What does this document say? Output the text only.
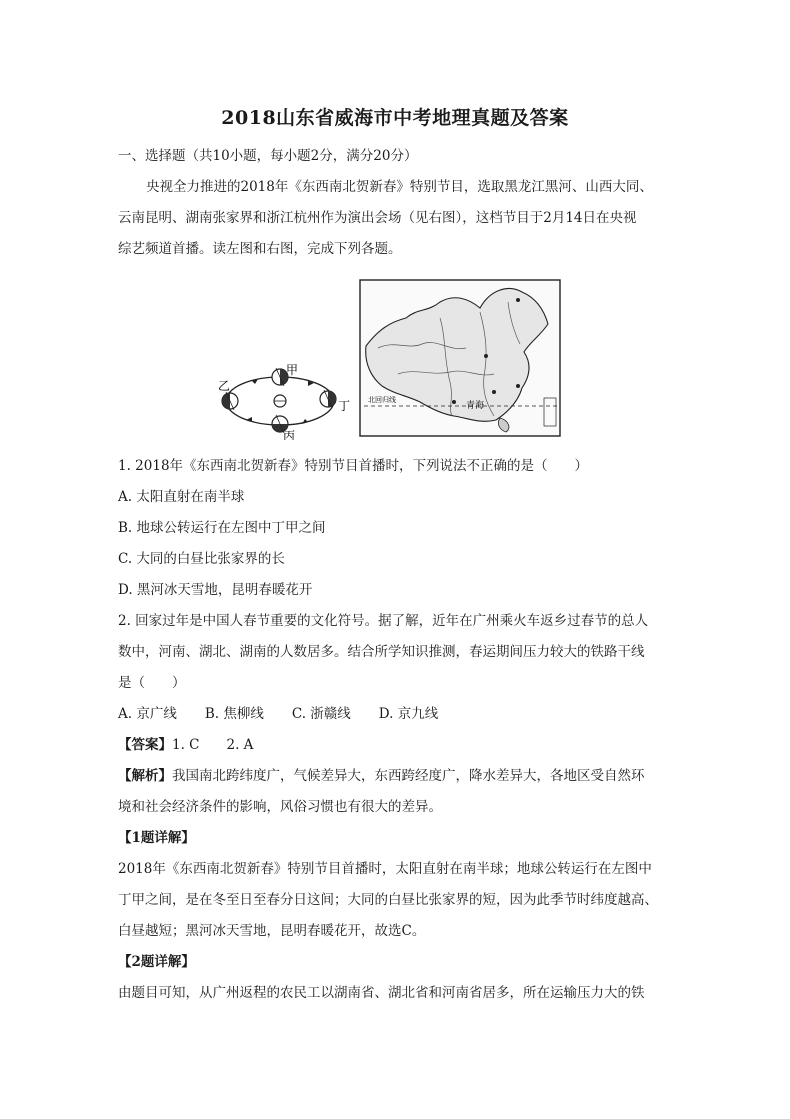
2018山东省威海市中考地理真题及答案
一、选择题（共10小题，每小题2分，满分20分）
央视全力推进的2018年《东西南北贺新春》特别节目，选取黑龙江黑河、山西大同、
云南昆明、湖南张家界和浙江杭州作为演出会场（见右图），这档节目于2月14日在央视
综艺频道首播。读左图和右图，完成下列各题。
甲
乙
丙
丁	青海
北回归线
1. 2018年《东西南北贺新春》特别节目首播时，下列说法不正确的是（　　）
A. 太阳直射在南半球
B. 地球公转运行在左图中丁甲之间
C. 大同的白昼比张家界的长
D. 黑河冰天雪地，昆明春暖花开
2. 回家过年是中国人春节重要的文化符号。据了解，近年在广州乘火车返乡过春节的总人
数中，河南、湖北、湖南的人数居多。结合所学知识推测，春运期间压力较大的铁路干线
是（　　）
A. 京广线 B. 焦柳线 C. 浙赣线 D. 京九线
【答案】1. C　　2. A
【解析】我国南北跨纬度广，气候差异大，东西跨经度广，降水差异大，各地区受自然环
境和社会经济条件的影响，风俗习惯也有很大的差异。
【1题详解】
2018年《东西南北贺新春》特别节目首播时，太阳直射在南半球；地球公转运行在左图中
丁甲之间，是在冬至日至春分日这间；大同的白昼比张家界的短，因为此季节时纬度越高、
白昼越短；黑河冰天雪地，昆明春暖花开，故选C。
【2题详解】
由题目可知，从广州返程的农民工以湖南省、湖北省和河南省居多，所在运输压力大的铁
